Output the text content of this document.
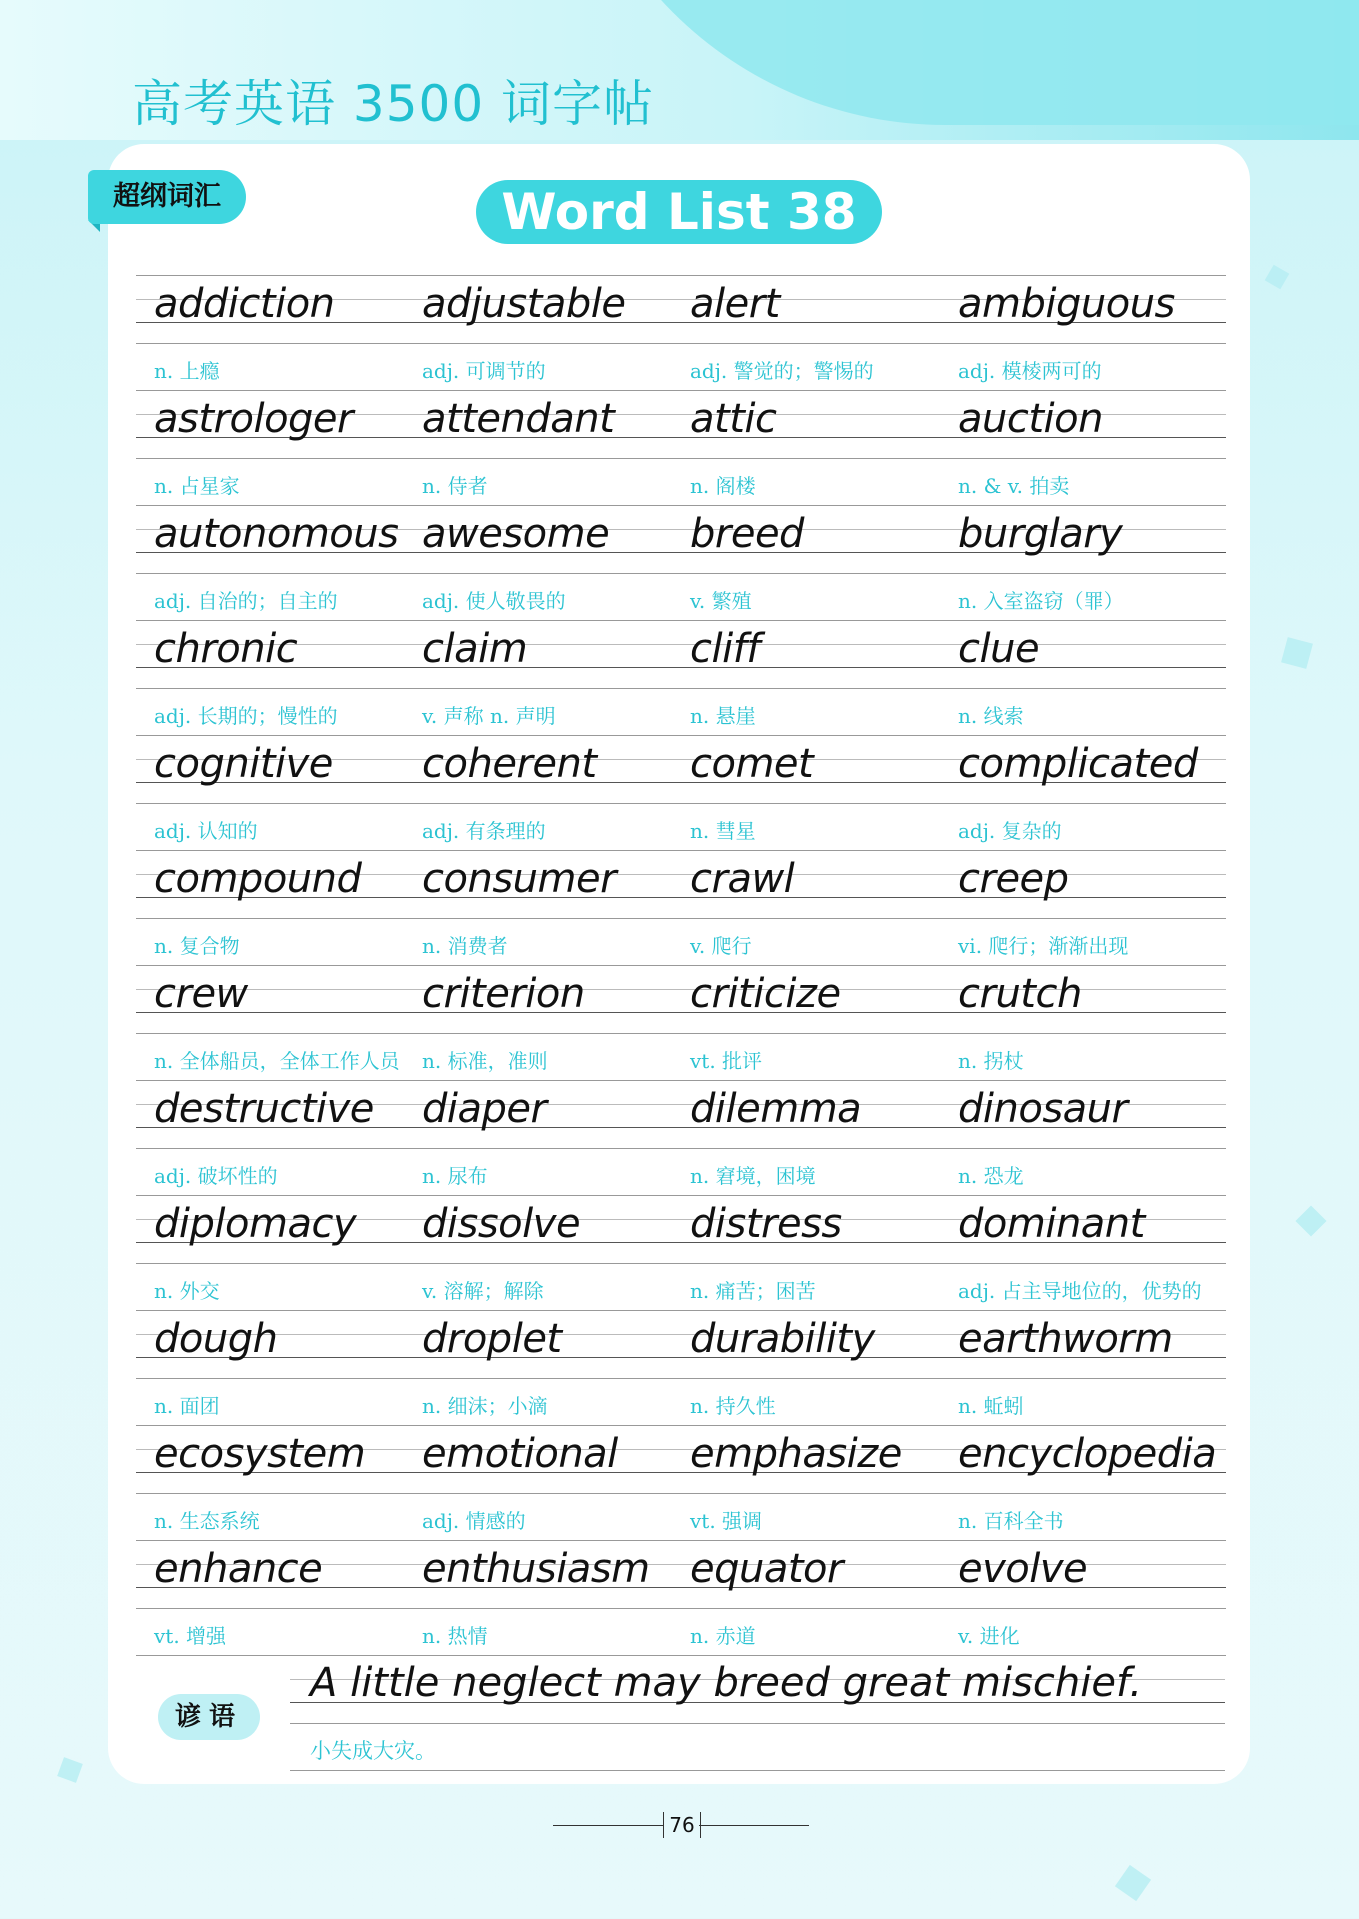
高考英语 3500 词字帖
超纲词汇	Word List 38
addiction
n. 上瘾
adjustable
adj. 可调节的
alert
adj. 警觉的；警惕的
ambiguous
adj. 模棱两可的
astrologer
n. 占星家
attendant
n. 侍者
attic
n. 阁楼
auction
n. & v. 拍卖
autonomous
adj. 自治的；自主的
awesome
adj. 使人敬畏的
breed
v. 繁殖
burglary
n. 入室盗窃（罪）
chronic
adj. 长期的；慢性的
claim
v. 声称 n. 声明
cliff
n. 悬崖
clue
n. 线索
cognitive
adj. 认知的
coherent
adj. 有条理的
comet
n. 彗星
complicated
adj. 复杂的
compound
n. 复合物
consumer
n. 消费者
crawl
v. 爬行
creep
vi. 爬行；渐渐出现
crew
n. 全体船员，全体工作人员
criterion
n. 标准，准则
criticize
vt. 批评
crutch
n. 拐杖
destructive
adj. 破坏性的
diaper
n. 尿布
dilemma
n. 窘境，困境
dinosaur
n. 恐龙
diplomacy
n. 外交
dissolve
v. 溶解；解除
distress
n. 痛苦；困苦
dominant
adj. 占主导地位的，优势的
dough
n. 面团
droplet
n. 细沫；小滴
durability
n. 持久性
earthworm
n. 蚯蚓
ecosystem
n. 生态系统
emotional
adj. 情感的
emphasize
vt. 强调
encyclopedia
n. 百科全书
enhance
vt. 增强
enthusiasm
n. 热情
equator
n. 赤道
evolve
v. 进化
谚语
A little neglect may breed great mischief.
小失成大灾。
76
